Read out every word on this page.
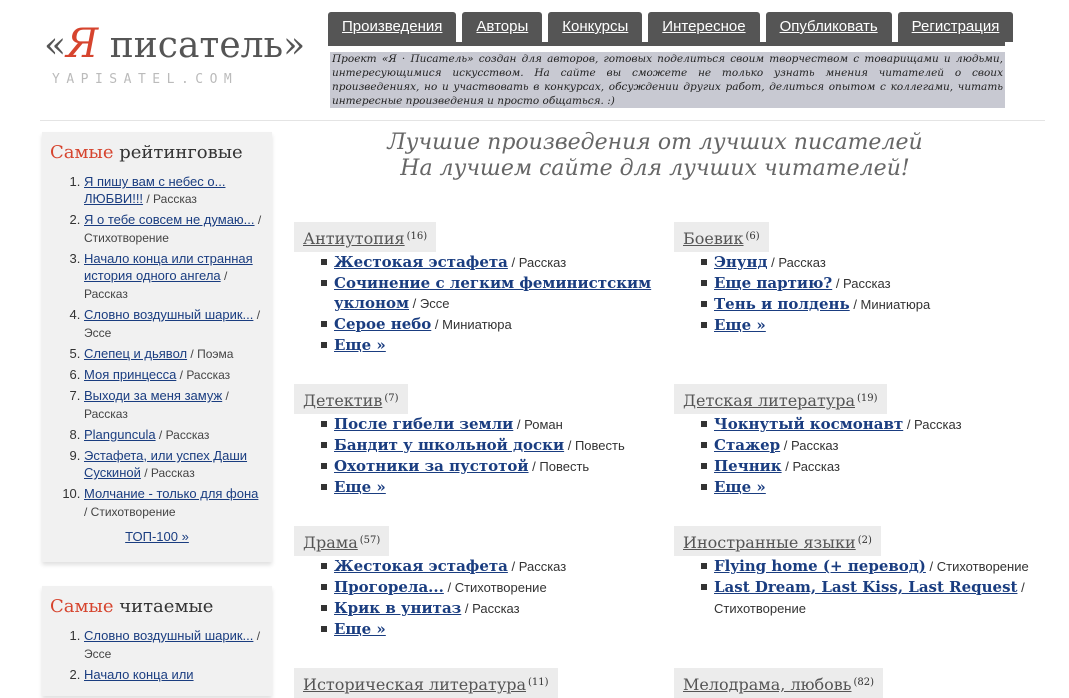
«Я писатель»
YAPISATEL.COM
Произведения	Авторы	Конкурсы	Интересное	Опубликовать	Регистрация
Проект «Я · Писатель» создан для авторов, готовых поделиться своим творчеством с товарищами и людьми, интересующимися искусством. На сайте вы сможете не только узнать мнения читателей о своих произведениях, но и участвовать в конкурсах, обсуждении других работ, делиться опытом с коллегами, читать интересные произведения и просто общаться. :)
Самые рейтинговые
1. Я пишу вам с небес о... ЛЮБВИ!!! / Рассказ
2. Я о тебе совсем не думаю... / Стихотворение
3. Начало конца или странная история одного ангела / Рассказ
4. Словно воздушный шарик... / Эссе
5. Слепец и дьявол / Поэма
6. Моя принцесса / Рассказ
7. Выходи за меня замуж / Рассказ
8. Planguncula / Рассказ
9. Эстафета, или успех Даши Сускиной / Рассказ
10. Молчание - только для фона / Стихотворение
ТОП-100 »
Самые читаемые
1. Словно воздушный шарик... / Эссе
2. Начало конца или
Лучшие произведения от лучших писателей
На лучшем сайте для лучших читателей!
Антиутопия $^{(16)}$
Жестокая эстафета / Рассказ
Сочинение с легким феминистским уклоном / Эссе
Серое небо / Миниатюра
Еще »
Боевик $^{(6)}$
Энунд / Рассказ
Еще партию? / Рассказ
Тень и полдень / Миниатюра
Еще »
Детектив $^{(7)}$
После гибели земли / Роман
Бандит у школьной доски / Повесть
Охотники за пустотой / Повесть
Еще »
Детская литература $^{(19)}$
Чокнутый космонавт / Рассказ
Стажер / Рассказ
Печник / Рассказ
Еще »
Драма $^{(57)}$
Жестокая эстафета / Рассказ
Прогорела... / Стихотворение
Крик в унитаз / Рассказ
Еще »
Иностранные языки $^{(2)}$
Flying home (+ перевод) / Стихотворение
Last Dream, Last Kiss, Last Request / Стихотворение
Историческая литература $^{(11)}$	Мелодрама, любовь $^{(82)}$
